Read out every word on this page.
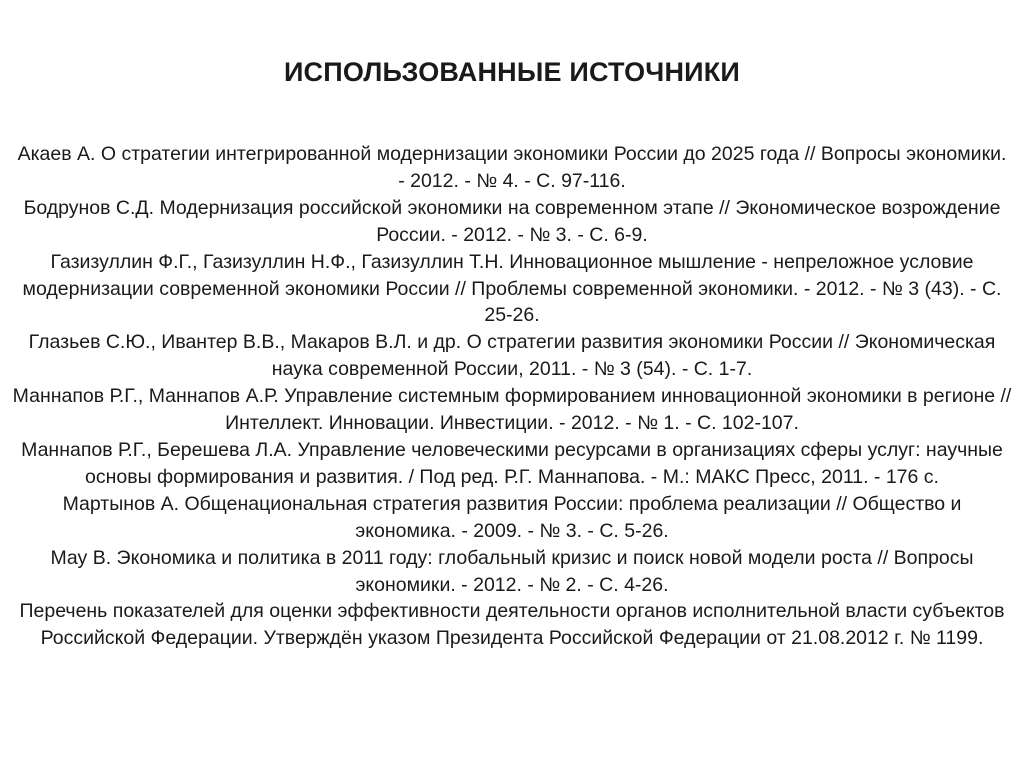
ИСПОЛЬЗОВАННЫЕ ИСТОЧНИКИ

Акаев А. О стратегии интегрированной модернизации экономики России до 2025 года // Вопросы экономики. - 2012. - № 4. - С. 97-116.

Бодрунов С.Д. Модернизация российской экономики на современном этапе // Экономическое возрождение России. - 2012. - № 3. - С. 6-9.

Газизуллин Ф.Г., Газизуллин Н.Ф., Газизуллин Т.Н. Инновационное мышление - непреложное условие модернизации современной экономики России // Проблемы современной экономики. - 2012. - № 3 (43). - С. 25-26.

Глазьев С.Ю., Ивантер В.В., Макаров В.Л. и др. О стратегии развития экономики России // Экономическая наука современной России, 2011. - № 3 (54). - С. 1-7.

Маннапов Р.Г., Маннапов А.Р. Управление системным формированием инновационной экономики в регионе // Интеллект. Инновации. Инвестиции. - 2012. - № 1. - С. 102-107.

Маннапов Р.Г., Берешева Л.А. Управление человеческими ресурсами в организациях сферы услуг: научные основы формирования и развития. / Под ред. Р.Г. Маннапова. - М.: МАКС Пресс, 2011. - 176 с.

Мартынов А. Общенациональная стратегия развития России: проблема реализации // Общество и экономика. - 2009. - № 3. - С. 5-26.

Мау В. Экономика и политика в 2011 году: глобальный кризис и поиск новой модели роста // Вопросы экономики. - 2012. - № 2. - С. 4-26.

Перечень показателей для оценки эффективности деятельности органов исполнительной власти субъектов Российской Федерации. Утверждён указом Президента Российской Федерации от 21.08.2012 г. № 1199.
